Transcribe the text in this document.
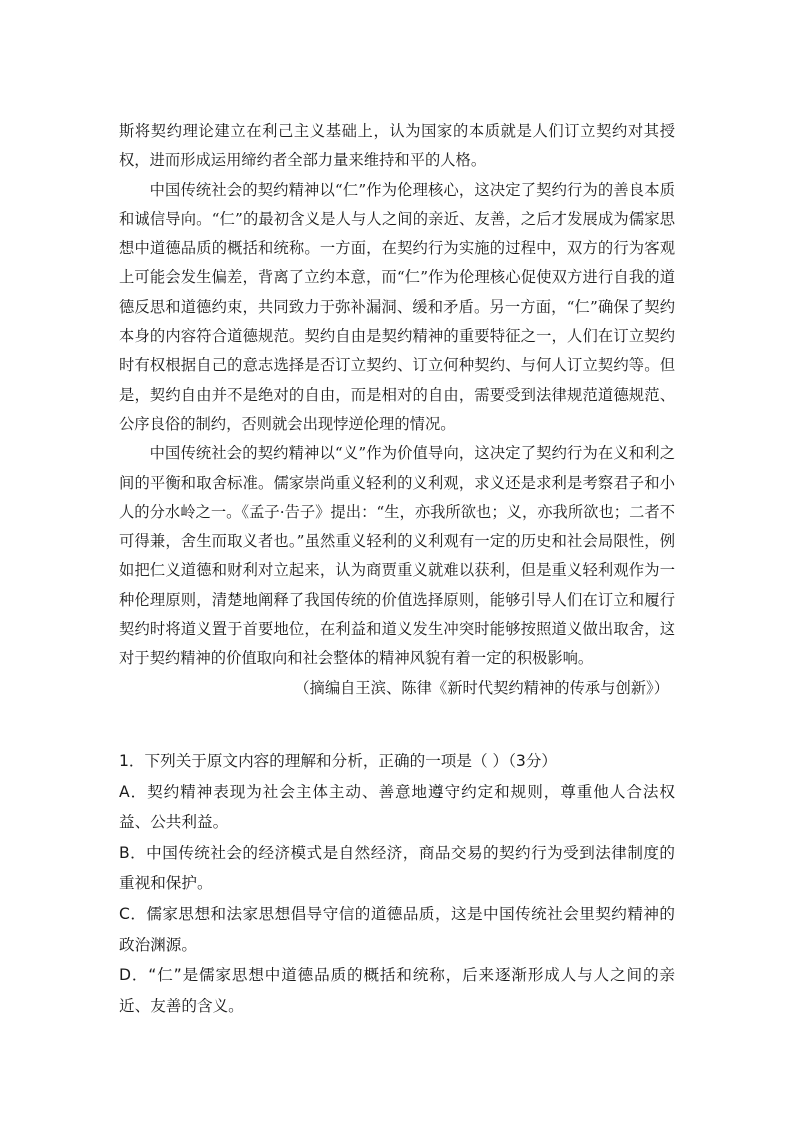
斯将契约理论建立在利己主义基础上，认为国家的本质就是人们订立契约对其授权，进而形成运用缔约者全部力量来维持和平的人格。

中国传统社会的契约精神以“仁”作为伦理核心，这决定了契约行为的善良本质和诚信导向。“仁”的最初含义是人与人之间的亲近、友善，之后才发展成为儒家思想中道德品质的概括和统称。一方面，在契约行为实施的过程中，双方的行为客观上可能会发生偏差，背离了立约本意，而“仁”作为伦理核心促使双方进行自我的道德反思和道德约束，共同致力于弥补漏洞、缓和矛盾。另一方面，“仁”确保了契约本身的内容符合道德规范。契约自由是契约精神的重要特征之一，人们在订立契约时有权根据自己的意志选择是否订立契约、订立何种契约、与何人订立契约等。但是，契约自由并不是绝对的自由，而是相对的自由，需要受到法律规范道德规范、公序良俗的制约，否则就会出现悖逆伦理的情况。

中国传统社会的契约精神以“义”作为价值导向，这决定了契约行为在义和利之间的平衡和取舍标准。儒家崇尚重义轻利的义利观，求义还是求利是考察君子和小人的分水岭之一。《孟子·告子》提出：“生，亦我所欲也；义，亦我所欲也；二者不可得兼，舍生而取义者也。”虽然重义轻利的义利观有一定的历史和社会局限性，例如把仁义道德和财利对立起来，认为商贾重义就难以获利，但是重义轻利观作为一种伦理原则，清楚地阐释了我国传统的价值选择原则，能够引导人们在订立和履行契约时将道义置于首要地位，在利益和道义发生冲突时能够按照道义做出取舍，这对于契约精神的价值取向和社会整体的精神风貌有着一定的积极影响。

（摘编自王滨、陈律《新时代契约精神的传承与创新》）

1．下列关于原文内容的理解和分析，正确的一项是（ ）（3分）

A．契约精神表现为社会主体主动、善意地遵守约定和规则，尊重他人合法权益、公共利益。

B．中国传统社会的经济模式是自然经济，商品交易的契约行为受到法律制度的重视和保护。

C．儒家思想和法家思想倡导守信的道德品质，这是中国传统社会里契约精神的政治渊源。

D．“仁”是儒家思想中道德品质的概括和统称，后来逐渐形成人与人之间的亲近、友善的含义。
